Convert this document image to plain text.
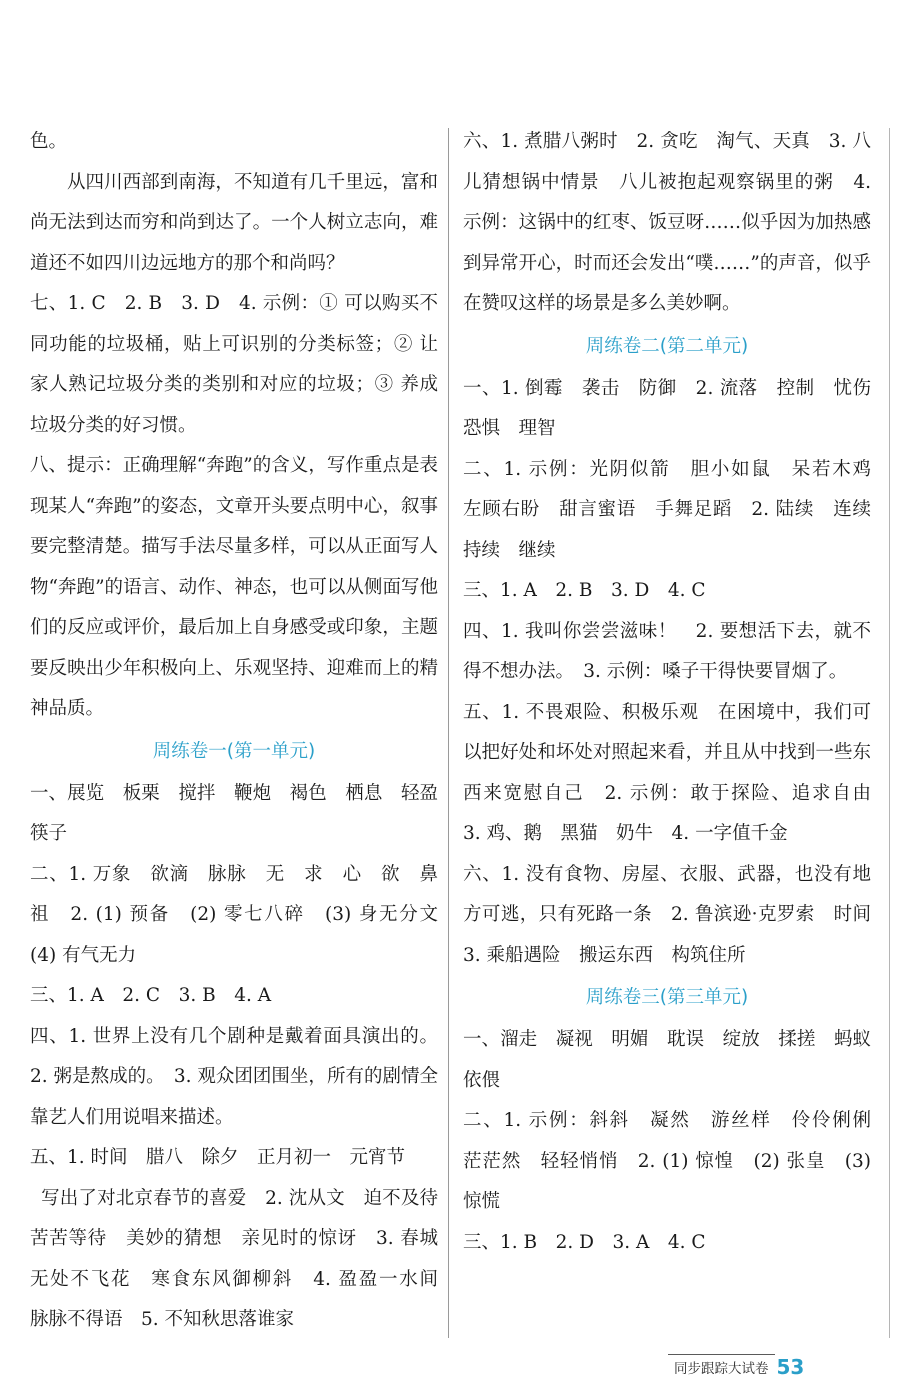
色。

从四川西部到南海，不知道有几千里远，富和尚无法到达而穷和尚到达了。一个人树立志向，难道还不如四川边远地方的那个和尚吗？

七、1. C　2. B　3. D　4. 示例：① 可以购买不同功能的垃圾桶，贴上可识别的分类标签；② 让家人熟记垃圾分类的类别和对应的垃圾；③ 养成垃圾分类的好习惯。

八、提示：正确理解“奔跑”的含义，写作重点是表现某人“奔跑”的姿态，文章开头要点明中心，叙事要完整清楚。描写手法尽量多样，可以从正面写人物“奔跑”的语言、动作、神态，也可以从侧面写他们的反应或评价，最后加上自身感受或印象，主题要反映出少年积极向上、乐观坚持、迎难而上的精神品质。

周练卷一(第一单元)

一、展览　板栗　搅拌　鞭炮　褐色　栖息　轻盈　筷子

二、1. 万象　欲滴　脉脉　无　求　心　欲　鼻祖　2. (1) 预备　(2) 零七八碎　(3) 身无分文　(4) 有气无力

三、1. A　2. C　3. B　4. A

四、1. 世界上没有几个剧种是戴着面具演出的。2. 粥是熬成的。　3. 观众团团围坐，所有的剧情全靠艺人们用说唱来描述。

五、1. 时间　腊八　除夕　正月初一　元宵节

写出了对北京春节的喜爱　2. 沈从文　迫不及待　苦苦等待　美妙的猜想　亲见时的惊讶　3. 春城无处不飞花　寒食东风御柳斜　4. 盈盈一水间　脉脉不得语　5. 不知秋思落谁家

六、1. 煮腊八粥时　2. 贪吃　淘气、天真　3. 八儿猜想锅中情景　八儿被抱起观察锅里的粥　4. 示例：这锅中的红枣、饭豆呀……似乎因为加热感到异常开心，时而还会发出“噗……”的声音，似乎在赞叹这样的场景是多么美妙啊。

周练卷二(第二单元)

一、1. 倒霉　袭击　防御　2. 流落　控制　忧伤　恐惧　理智

二、1. 示例：光阴似箭　胆小如鼠　呆若木鸡　左顾右盼　甜言蜜语　手舞足蹈　2. 陆续　连续　持续　继续

三、1. A　2. B　3. D　4. C

四、1. 我叫你尝尝滋味！　2. 要想活下去，就不得不想办法。　3. 示例：嗓子干得快要冒烟了。

五、1. 不畏艰险、积极乐观　在困境中，我们可以把好处和坏处对照起来看，并且从中找到一些东西来宽慰自己　2. 示例：敢于探险、追求自由　3. 鸡、鹅　黑猫　奶牛　4. 一字值千金

六、1. 没有食物、房屋、衣服、武器，也没有地方可逃，只有死路一条　2. 鲁滨逊·克罗索　时间　3. 乘船遇险　搬运东西　构筑住所

周练卷三(第三单元)

一、溜走　凝视　明媚　耽误　绽放　揉搓　蚂蚁　依偎

二、1. 示例：斜斜　凝然　游丝样　伶伶俐俐　茫茫然　轻轻悄悄　2. (1) 惊惶　(2) 张皇　(3) 惊慌

三、1. B　2. D　3. A　4. C

同步跟踪大试卷 53
